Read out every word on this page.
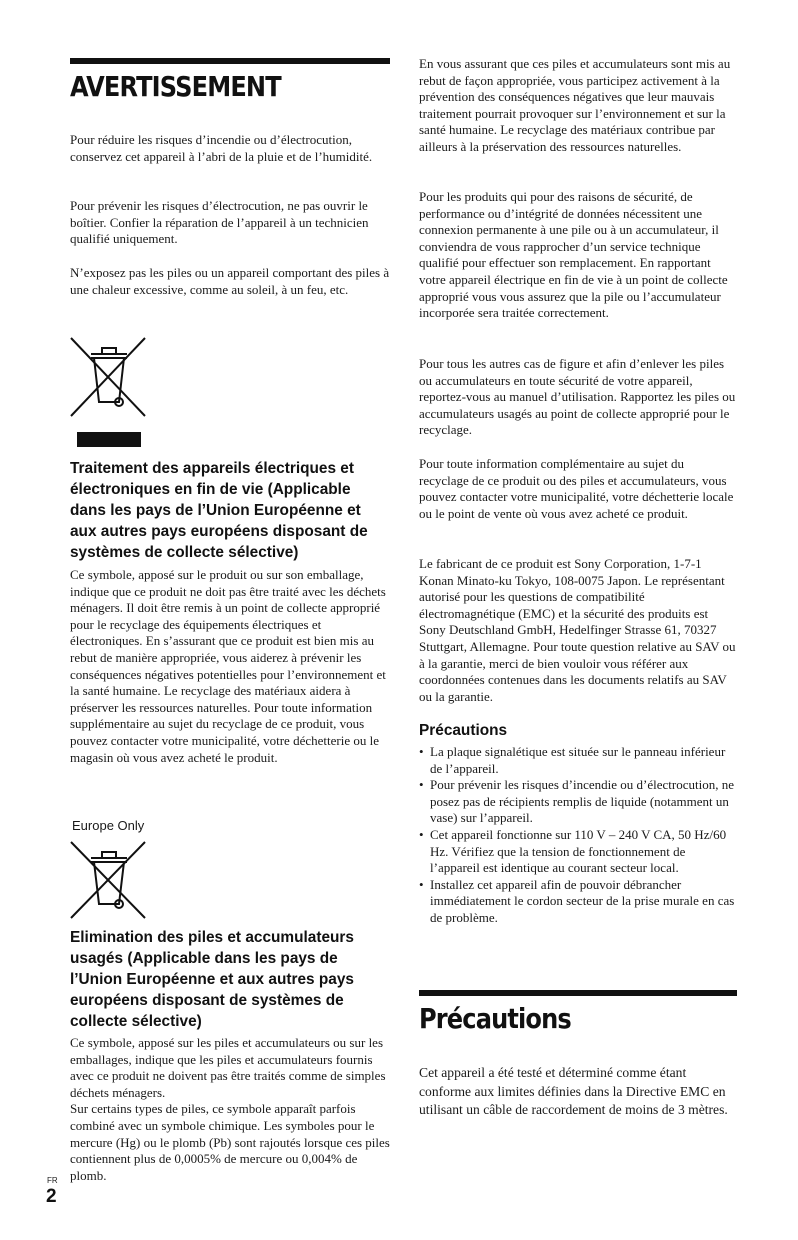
AVERTISSEMENT

Pour réduire les risques d’incendie ou d’électrocution, conservez cet appareil à l’abri de la pluie et de l’humidité.

Pour prévenir les risques d’électrocution, ne pas ouvrir le boîtier. Confier la réparation de l’appareil à un technicien qualifié uniquement.

N’exposez pas les piles ou un appareil comportant des piles à une chaleur excessive, comme au soleil, à un feu, etc.

Traitement des appareils électriques et électroniques en fin de vie (Applicable dans les pays de l’Union Européenne et aux autres pays européens disposant de systèmes de collecte sélective)

Ce symbole, apposé sur le produit ou sur son emballage, indique que ce produit ne doit pas être traité avec les déchets ménagers. Il doit être remis à un point de collecte approprié pour le recyclage des équipements électriques et électroniques. En s’assurant que ce produit est bien mis au rebut de manière appropriée, vous aiderez à prévenir les conséquences négatives potentielles pour l’environnement et la santé humaine. Le recyclage des matériaux aidera à préserver les ressources naturelles. Pour toute information supplémentaire au sujet du recyclage de ce produit, vous pouvez contacter votre municipalité, votre déchetterie ou le magasin où vous avez acheté le produit.

Europe Only

Elimination des piles et accumulateurs usagés (Applicable dans les pays de l’Union Européenne et aux autres pays européens disposant de systèmes de collecte sélective)

Ce symbole, apposé sur les piles et accumulateurs ou sur les emballages, indique que les piles et accumulateurs fournis avec ce produit ne doivent pas être traités comme de simples déchets ménagers.
Sur certains types de piles, ce symbole apparaît parfois combiné avec un symbole chimique. Les symboles pour le mercure (Hg) ou le plomb (Pb) sont rajoutés lorsque ces piles contiennent plus de 0,0005% de mercure ou 0,004% de plomb.

En vous assurant que ces piles et accumulateurs sont mis au rebut de façon appropriée, vous participez activement à la prévention des conséquences négatives que leur mauvais traitement pourrait provoquer sur l’environnement et sur la santé humaine. Le recyclage des matériaux contribue par ailleurs à la préservation des ressources naturelles.

Pour les produits qui pour des raisons de sécurité, de performance ou d’intégrité de données nécessitent une connexion permanente à une pile ou à un accumulateur, il conviendra de vous rapprocher d’un service technique qualifié pour effectuer son remplacement. En rapportant votre appareil électrique en fin de vie à un point de collecte approprié vous vous assurez que la pile ou l’accumulateur incorporée sera traitée correctement.

Pour tous les autres cas de figure et afin d’enlever les piles ou accumulateurs en toute sécurité de votre appareil, reportez-vous au manuel d’utilisation. Rapportez les piles ou accumulateurs usagés au point de collecte approprié pour le recyclage.

Pour toute information complémentaire au sujet du recyclage de ce produit ou des piles et accumulateurs, vous pouvez contacter votre municipalité, votre déchetterie locale ou le point de vente où vous avez acheté ce produit.

Le fabricant de ce produit est Sony Corporation, 1-7-1 Konan Minato-ku Tokyo, 108-0075 Japon. Le représentant autorisé pour les questions de compatibilité électromagnétique (EMC) et la sécurité des produits est Sony Deutschland GmbH, Hedelfinger Strasse 61, 70327 Stuttgart, Allemagne. Pour toute question relative au SAV ou à la garantie, merci de bien vouloir vous référer aux coordonnées contenues dans les documents relatifs au SAV ou la garantie.

Précautions
• La plaque signalétique est située sur le panneau inférieur de l’appareil.
• Pour prévenir les risques d’incendie ou d’électrocution, ne posez pas de récipients remplis de liquide (notamment un vase) sur l’appareil.
• Cet appareil fonctionne sur 110 V – 240 V CA, 50 Hz/60 Hz. Vérifiez que la tension de fonctionnement de l’appareil est identique au courant secteur local.
• Installez cet appareil afin de pouvoir débrancher immédiatement le cordon secteur de la prise murale en cas de problème.
Précautions

Cet appareil a été testé et déterminé comme étant conforme aux limites définies dans la Directive EMC en utilisant un câble de raccordement de moins de 3 mètres.

FR
2
